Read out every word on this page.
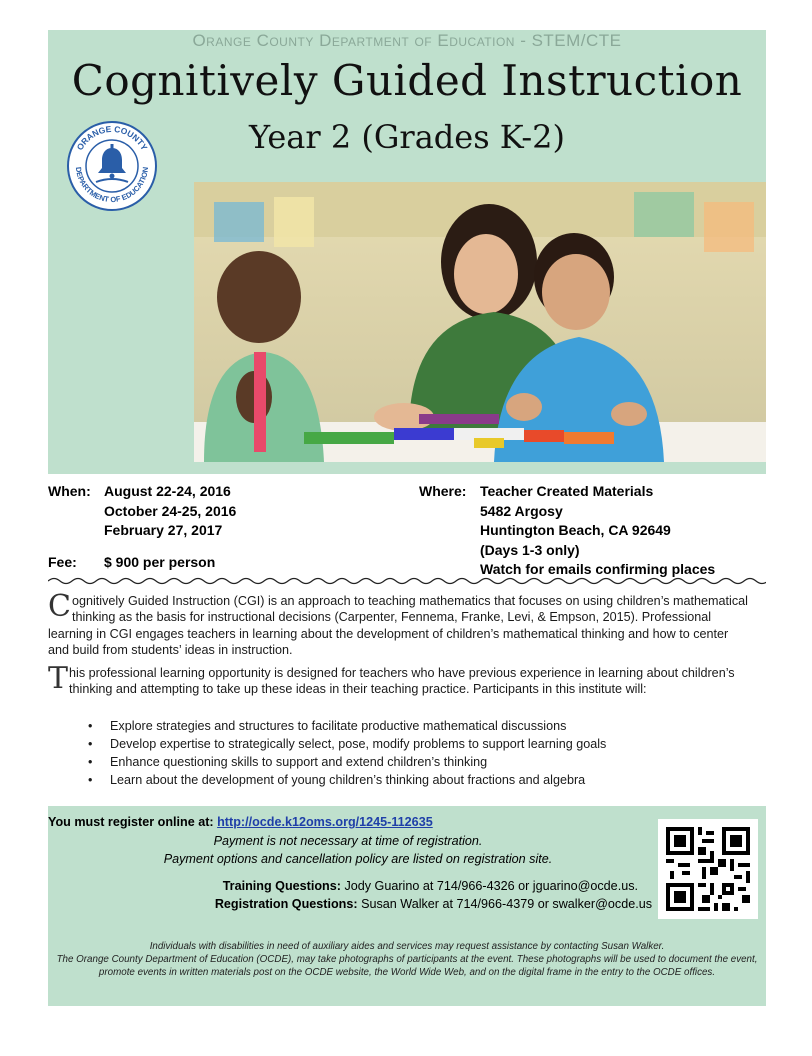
Orange County Department of Education - STEM/CTE
Cognitively Guided Instruction
Year 2 (Grades K-2)
ORANGE COUNTY
DEPARTMENT OF EDUCATION
When: August 22-24, 2016
October 24-25, 2016
February 27, 2017
Fee: $ 900 per person
Where: Teacher Created Materials
5482 Argosy
Huntington Beach, CA 92649
(Days 1-3 only)
Watch for emails confirming places
Cognitively Guided Instruction (CGI) is an approach to teaching mathematics that focuses on using children’s mathematical thinking as the basis for instructional decisions (Carpenter, Fennema, Franke, Levi, & Empson, 2015). Professional learning in CGI engages teachers in learning about the development of children’s mathematical thinking and how to center and build from students’ ideas in instruction.
This professional learning opportunity is designed for teachers who have previous experience in learning about children’s thinking and attempting to take up these ideas in their teaching practice. Participants in this institute will:
• Explore strategies and structures to facilitate productive mathematical discussions
• Develop expertise to strategically select, pose, modify problems to support learning goals
• Enhance questioning skills to support and extend children’s thinking
• Learn about the development of young children’s thinking about fractions and algebra
You must register online at: http://ocde.k12oms.org/1245-112635
Payment is not necessary at time of registration.
Payment options and cancellation policy are listed on registration site.
Training Questions: Jody Guarino at 714/966-4326 or jguarino@ocde.us.
Registration Questions: Susan Walker at 714/966-4379 or swalker@ocde.us
Individuals with disabilities in need of auxiliary aides and services may request assistance by contacting Susan Walker.
The Orange County Department of Education (OCDE), may take photographs of participants at the event. These photographs will be used to document the event, promote events in written materials post on the OCDE website, the World Wide Web, and on the digital frame in the entry to the OCDE offices.
